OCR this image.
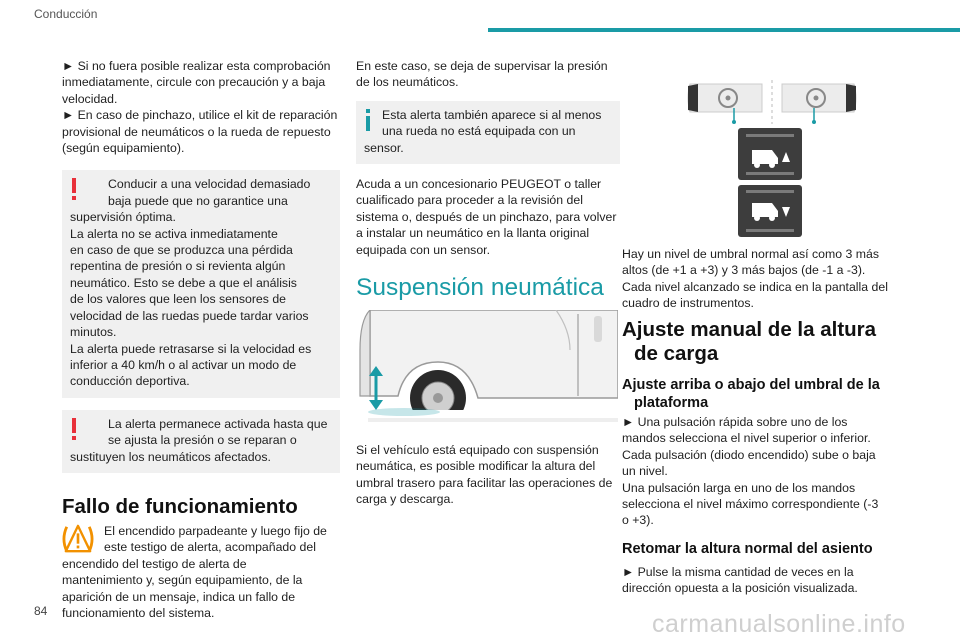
Conducción

► Si no fuera posible realizar esta comprobación inmediatamente, circule con precaución y a baja velocidad.

► En caso de pinchazo, utilice el kit de reparación provisional de neumáticos o la rueda de repuesto (según equipamiento).

Conducir a una velocidad demasiado
baja puede que no garantice una
supervisión óptima.
La alerta no se activa inmediatamente
en caso de que se produzca una pérdida
repentina de presión o si revienta algún
neumático. Esto se debe a que el análisis
de los valores que leen los sensores de
velocidad de las ruedas puede tardar varios
minutos.
La alerta puede retrasarse si la velocidad es
inferior a 40 km/h o al activar un modo de
conducción deportiva.
La alerta permanece activada hasta que
se ajusta la presión o se reparan o
sustituyen los neumáticos afectados.
Fallo de funcionamiento
El encendido parpadeante y luego fijo de
este testigo de alerta, acompañado del
encendido del testigo de alerta de
mantenimiento y, según equipamiento, de la
aparición de un mensaje, indica un fallo de
funcionamiento del sistema.
En este caso, se deja de supervisar la presión
de los neumáticos.
Esta alerta también aparece si al menos
una rueda no está equipada con un
sensor.
Acuda a un concesionario PEUGEOT o taller
cualificado para proceder a la revisión del
sistema o, después de un pinchazo, para volver
a instalar un neumático en la llanta original
equipada con un sensor.
Suspensión neumática
Si el vehículo está equipado con suspensión
neumática, es posible modificar la altura del
umbral trasero para facilitar las operaciones de
carga y descarga.
Hay un nivel de umbral normal así como 3 más
altos (de +1 a +3) y 3 más bajos (de -1 a -3).
Cada nivel alcanzado se indica en la pantalla del
cuadro de instrumentos.
Ajuste manual de la altura
de carga
Ajuste arriba o abajo del umbral de la
plataforma
► Una pulsación rápida sobre uno de los
mandos selecciona el nivel superior o inferior.
Cada pulsación (diodo encendido) sube o baja
un nivel.
Una pulsación larga en uno de los mandos
selecciona el nivel máximo correspondiente (-3
o +3).
Retomar la altura normal del asiento
► Pulse la misma cantidad de veces en la
dirección opuesta a la posición visualizada.
84	carmanualsonline.info
